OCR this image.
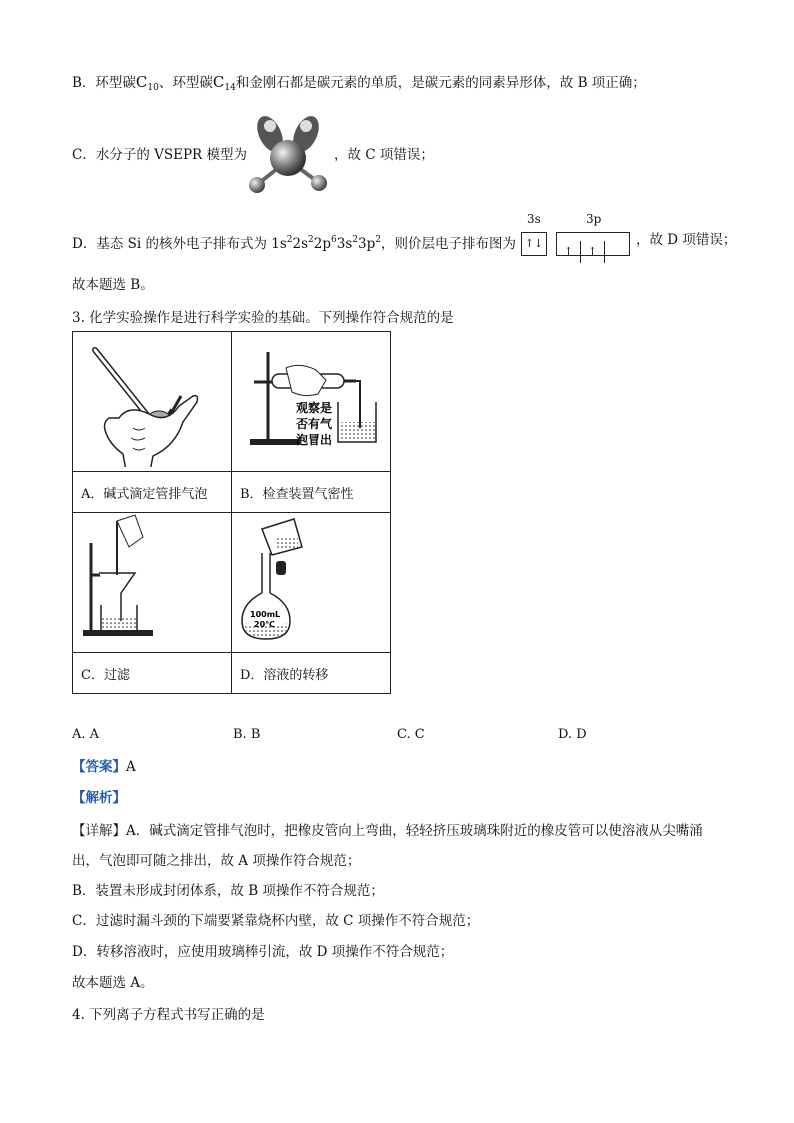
B．环型碳$C_{10}$、环型碳$C_{14}$和金刚石都是碳元素的单质，是碳元素的同素异形体，故 B 项正确；
C．水分子的 VSEPR 模型为	，故 C 项错误；
D．基态 Si 的核外电子排布式为 $1s^22s^22p^63s^23p^2$，则价层电子排布图为
3s	3p
↑↓
↑ ↑
，故 D 项错误；
故本题选 B。
3. 化学实验操作是进行科学实验的基础。下列操作符合规范的是

观察是
否有气
泡冒出

A．碱式滴定管排气泡	B．检查装置气密性

100mL
20℃

C．过滤	D．溶液的转移
A. A	B. B	C. C	D. D
【答案】A
【解析】
【详解】A．碱式滴定管排气泡时，把橡皮管向上弯曲，轻轻挤压玻璃珠附近的橡皮管可以使溶液从尖嘴涌
出，气泡即可随之排出，故 A 项操作符合规范；
B．装置未形成封闭体系，故 B 项操作不符合规范；
C．过滤时漏斗颈的下端要紧靠烧杯内壁，故 C 项操作不符合规范；
D．转移溶液时，应使用玻璃棒引流，故 D 项操作不符合规范；
故本题选 A。
4. 下列离子方程式书写正确的是
